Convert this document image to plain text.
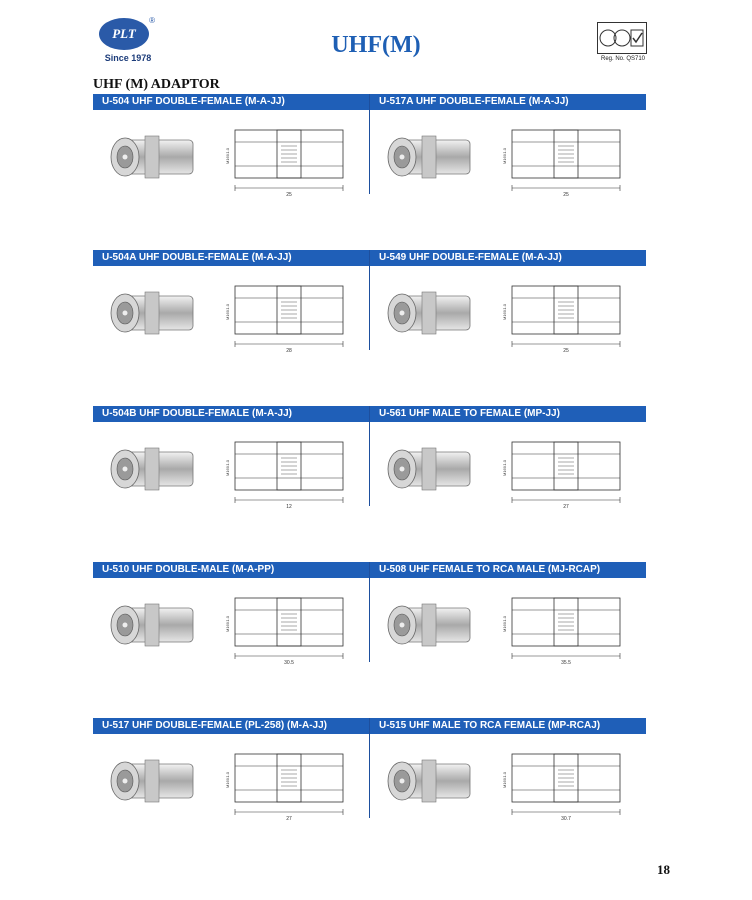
PLT
®
Since 1978	UHF(M)
Reg. No. QS710
UHF (M) ADAPTOR
U-504 UHF DOUBLE-FEMALE (M-A-JJ)
M16X1.0
25
U-517A UHF DOUBLE-FEMALE (M-A-JJ)
M16X1.0
25
U-504A UHF DOUBLE-FEMALE (M-A-JJ)
M16X1.0
28
U-549 UHF DOUBLE-FEMALE (M-A-JJ)
M16X1.0
25
U-504B UHF DOUBLE-FEMALE (M-A-JJ)
M16X1.0
12
U-561 UHF MALE TO FEMALE (MP-JJ)
M16X1.0
27
U-510 UHF DOUBLE-MALE (M-A-PP)
M16X1.0
30.5
U-508 UHF FEMALE TO RCA MALE (MJ-RCAP)
M16X1.0
35.5
U-517 UHF DOUBLE-FEMALE (PL-258) (M-A-JJ)
M16X1.0
27
U-515 UHF MALE TO RCA FEMALE (MP-RCAJ)
M16X1.0
30.7
18
